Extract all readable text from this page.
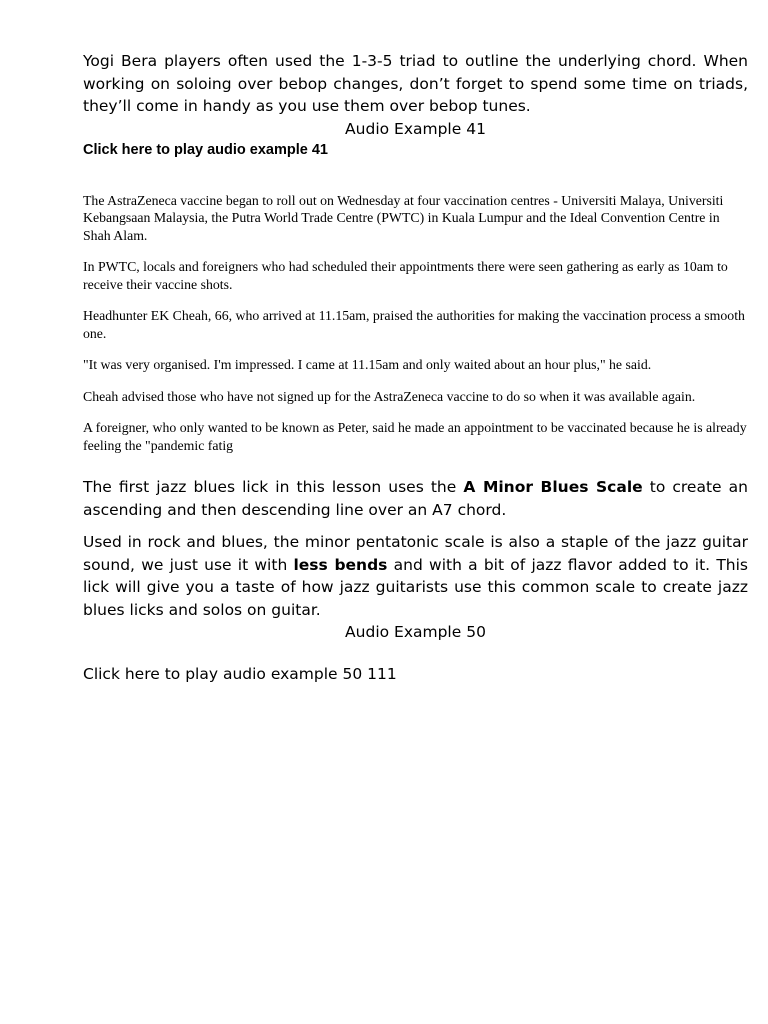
Yogi Bera players often used the 1-3-5 triad to outline the underlying chord. When working on soloing over bebop changes, don’t forget to spend some time on triads, they’ll come in handy as you use them over bebop tunes.

Audio Example 41

Click here to play audio example 41

The AstraZeneca vaccine began to roll out on Wednesday at four vaccination centres - Universiti Malaya, Universiti Kebangsaan Malaysia, the Putra World Trade Centre (PWTC) in Kuala Lumpur and the Ideal Convention Centre in Shah Alam.

In PWTC, locals and foreigners who had scheduled their appointments there were seen gathering as early as 10am to receive their vaccine shots.

Headhunter EK Cheah, 66, who arrived at 11.15am, praised the authorities for making the vaccination process a smooth one.

"It was very organised. I'm impressed. I came at 11.15am and only waited about an hour plus," he said.

Cheah advised those who have not signed up for the AstraZeneca vaccine to do so when it was available again.

A foreigner, who only wanted to be known as Peter, said he made an appointment to be vaccinated because he is already feeling the "pandemic fatig

The first jazz blues lick in this lesson uses the A Minor Blues Scale to create an ascending and then descending line over an A7 chord.

Used in rock and blues, the minor pentatonic scale is also a staple of the jazz guitar sound, we just use it with less bends and with a bit of jazz flavor added to it. This lick will give you a taste of how jazz guitarists use this common scale to create jazz blues licks and solos on guitar.

Audio Example 50

Click here to play audio example 50 111
